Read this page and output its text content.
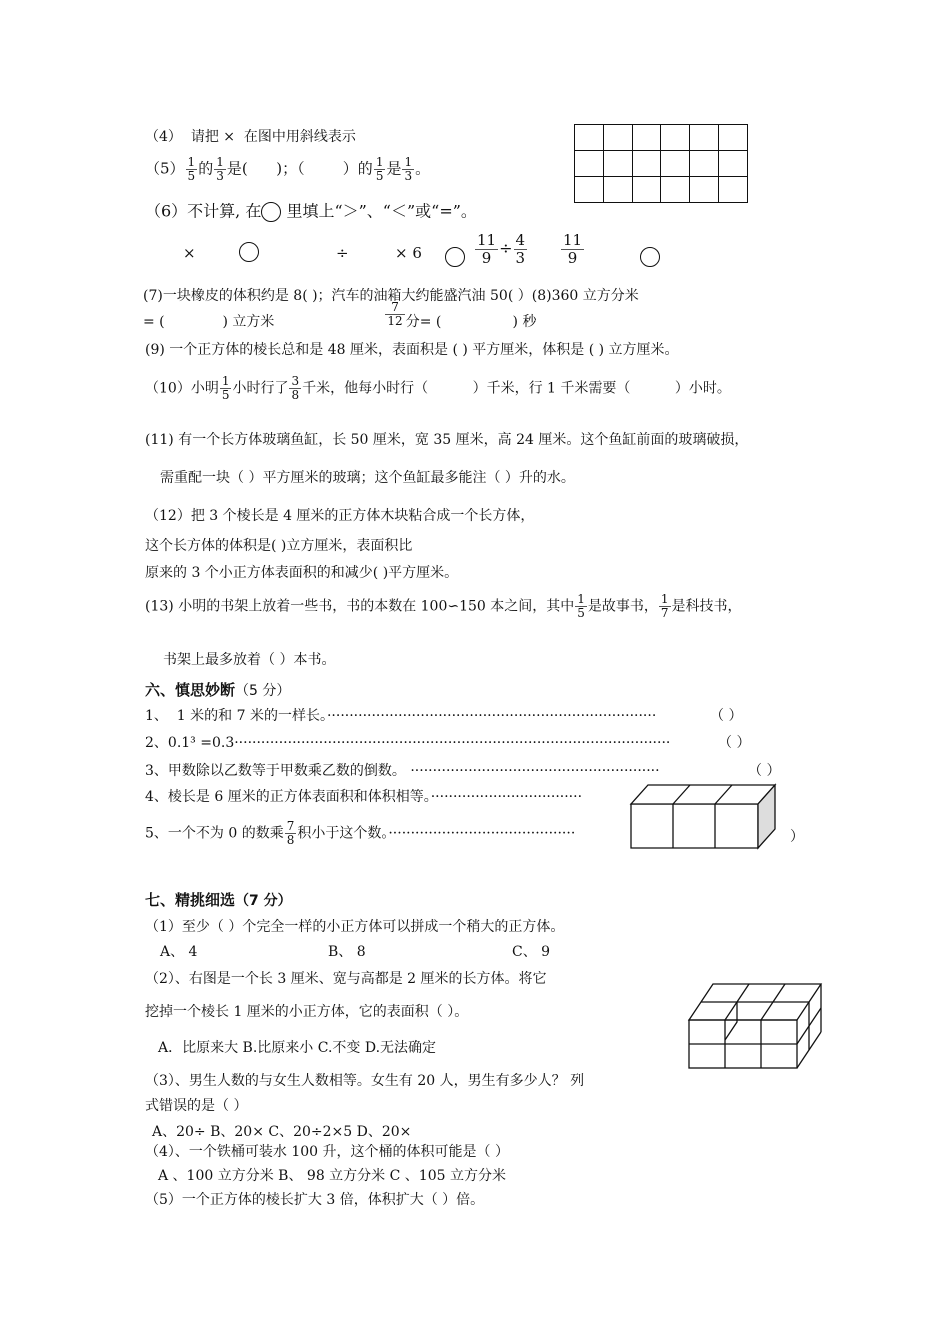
（4）  请把 ×  在图中用斜线表示

$(5) \frac{1}{5}$ 的 $\frac{1}{3}$ 是(      )；（        ）的 $\frac{1}{5}$ 是 $\frac{1}{3}$ 。
（6）不计算, 在 里填上“＞”、“＜”或“=”。
×	÷	× 6	$\frac{11}{9} \div \frac{4}{3} \frac{11}{9}$
(7)一块橡皮的体积约是 8( )；汽车的油箱大约能盛汽油 50( ）(8)360 立方分米
= (             ) 立方米	$\frac{7}{12}$ 分= (                ) 秒
(9) 一个正方体的棱长总和是 48 厘米，表面积是 ( ) 平方厘米，体积是 ( ) 立方厘米。
（10）小明 $\frac{1}{5}$ 小时行了 $\frac{3}{8}$ 千米，他每小时行（          ）千米，行 1 千米需要（          ）小时。
(11) 有一个长方体玻璃鱼缸，长 50 厘米，宽 35 厘米，高 24 厘米。这个鱼缸前面的玻璃破损，
需重配一块（ ）平方厘米的玻璃；这个鱼缸最多能注（ ）升的水。
（12）把 3 个棱长是 4 厘米的正方体木块粘合成一个长方体，
这个长方体的体积是( )立方厘米，表面积比
原来的 3 个小正方体表面积的和减少( )平方厘米。
(13) 小明的书架上放着一些书，书的本数在 100∽150 本之间，其中 $\frac{1}{5}$ 是故事书， $\frac{1}{7}$ 是科技书，
书架上最多放着（ ）本书。
六、慎思妙断（5 分）
1、  1 米的和 7 米的一样长。··········································································	（ ）
2、0.1³ =0.3··································································································	（ ）
3、甲数除以乙数等于甲数乘乙数的倒数。 ························································	（ ）
4、棱长是 6 厘米的正方体表面积和体积相等。··································
5、一个不为 0 的数乘 $\frac{7}{8}$ 积小于这个数。··········································	）
七、精挑细选（7 分）
（1）至少（ ）个完全一样的小正方体可以拼成一个稍大的正方体。
A、 4	B、 8	C、 9
（2）、右图是一个长 3 厘米、宽与高都是 2 厘米的长方体。将它
挖掉一个棱长 1 厘米的小正方体，它的表面积（ ）。
A．比原来大 B.比原来小 C.不变 D.无法确定
（3）、男生人数的与女生人数相等。女生有 20 人，男生有多少人？ 列
式错误的是（ ）
A、20÷ B、20× C、20÷2×5 D、20×
（4）、一个铁桶可装水 100 升，这个桶的体积可能是（ ）
A 、100 立方分米 B、 98 立方分米 C 、105 立方分米
（5）一个正方体的棱长扩大 3 倍，体积扩大（ ）倍。
